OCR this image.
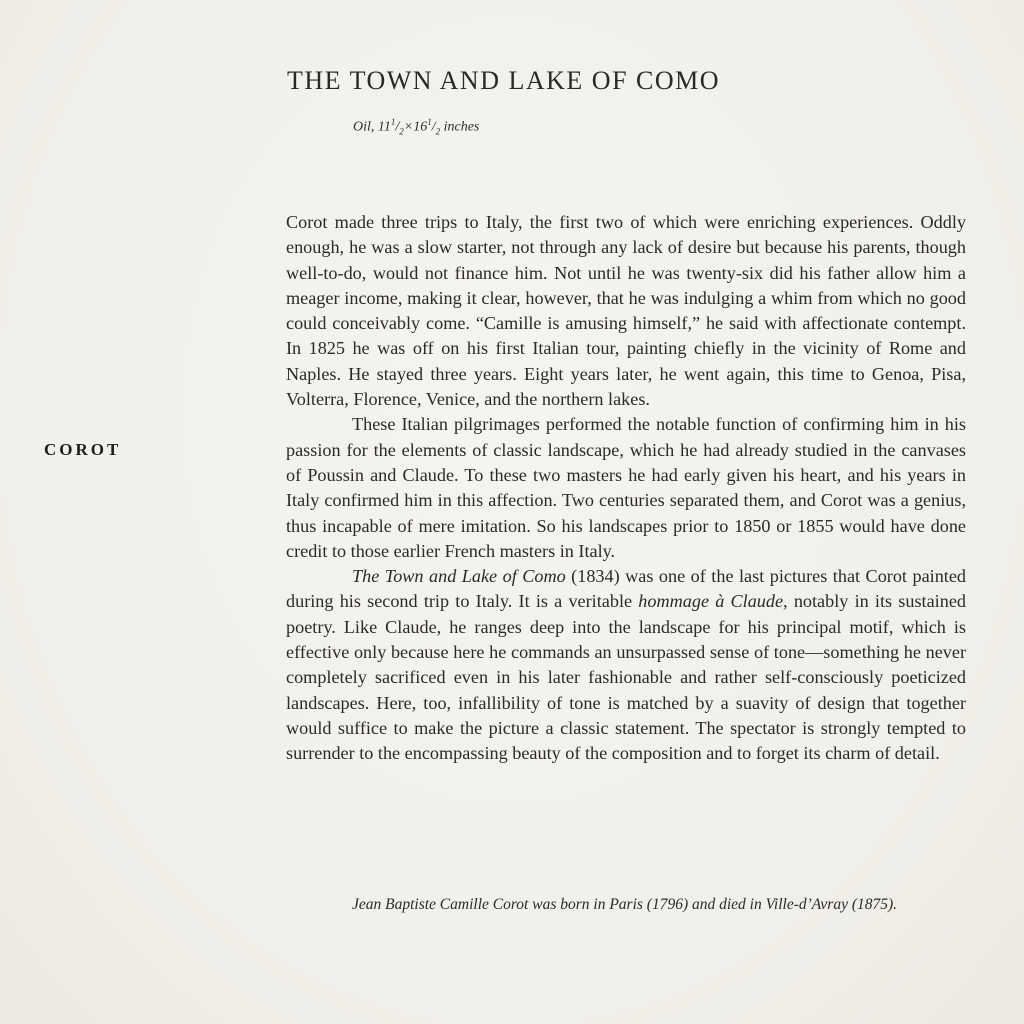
THE TOWN AND LAKE OF COMO
Oil, $11^1/_2\times 16^1/_2$ inches
COROT

Corot made three trips to Italy, the first two of which were enriching experiences. Oddly enough, he was a slow starter, not through any lack of desire but because his parents, though well-to-do, would not finance him. Not until he was twenty-six did his father allow him a meager income, making it clear, however, that he was indulging a whim from which no good could conceivably come. “Camille is amusing himself,” he said with affectionate contempt. In 1825 he was off on his first Italian tour, painting chiefly in the vicinity of Rome and Naples. He stayed three years. Eight years later, he went again, this time to Genoa, Pisa, Volterra, Florence, Venice, and the northern lakes.

These Italian pilgrimages performed the notable function of confirming him in his passion for the elements of classic landscape, which he had already studied in the canvases of Poussin and Claude. To these two masters he had early given his heart, and his years in Italy confirmed him in this affection. Two centuries separated them, and Corot was a genius, thus incapable of mere imitation. So his landscapes prior to 1850 or 1855 would have done credit to those earlier French masters in Italy.

The Town and Lake of Como (1834) was one of the last pictures that Corot painted during his second trip to Italy. It is a veritable hommage à Claude, notably in its sustained poetry. Like Claude, he ranges deep into the landscape for his principal motif, which is effective only because here he commands an unsurpassed sense of tone—something he never completely sacrificed even in his later fashionable and rather self-consciously poeticized landscapes. Here, too, infallibility of tone is matched by a suavity of design that together would suffice to make the picture a classic statement. The spectator is strongly tempted to surrender to the encompassing beauty of the composition and to forget its charm of detail.

Jean Baptiste Camille Corot was born in Paris (1796) and died in Ville-d’Avray (1875).
